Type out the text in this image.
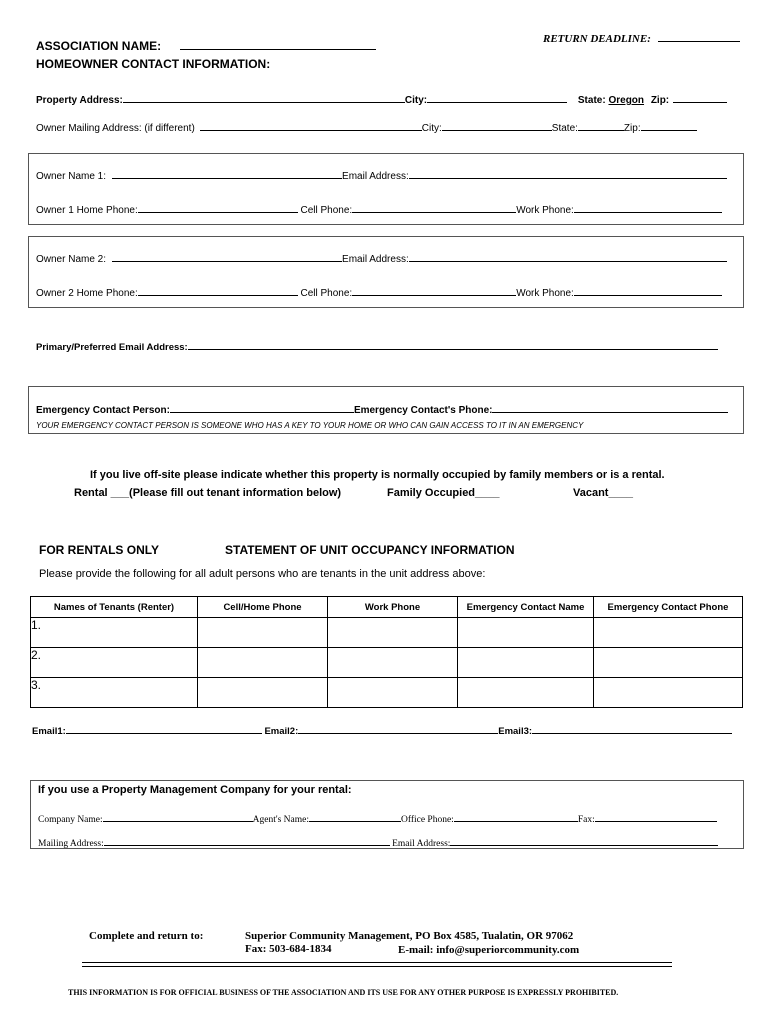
RETURN DEADLINE:
ASSOCIATION NAME:
HOMEOWNER CONTACT INFORMATION:
Property Address:	City:	State: Oregon Zip:
Owner Mailing Address: (if different)	City:	State:	Zip:
Owner Name 1:	Email Address:
Owner 1 Home Phone:	Cell Phone:	Work Phone:
Owner Name 2:	Email Address:
Owner 2 Home Phone:	Cell Phone:	Work Phone:
Primary/Preferred Email Address:
Emergency Contact Person:	Emergency Contact's Phone:
YOUR EMERGENCY CONTACT PERSON IS SOMEONE WHO HAS A KEY TO YOUR HOME OR WHO CAN GAIN ACCESS TO IT IN AN EMERGENCY
If you live off-site please indicate whether this property is normally occupied by family members or is a rental.
Rental ___(Please fill out tenant information below)	Family Occupied____	Vacant____
FOR RENTALS ONLY	STATEMENT OF UNIT OCCUPANCY INFORMATION
Please provide the following for all adult persons who are tenants in the unit address above:
Names of Tenants (Renter)	Cell/Home Phone	Work Phone	Emergency Contact Name	Emergency Contact Phone
1.				
2.				
3.				
Email1:	Email2:	Email3:
If you use a Property Management Company for your rental:
Company Name:	Agent's Name:	Office Phone:	Fax:
Mailing Address:	Email Address:
Complete and return to:	Superior Community Management, PO Box 4585, Tualatin, OR 97062
Fax: 503-684-1834	E-mail: info@superiorcommunity.com
THIS INFORMATION IS FOR OFFICIAL BUSINESS OF THE ASSOCIATION AND ITS USE FOR ANY OTHER PURPOSE IS EXPRESSLY PROHIBITED.
